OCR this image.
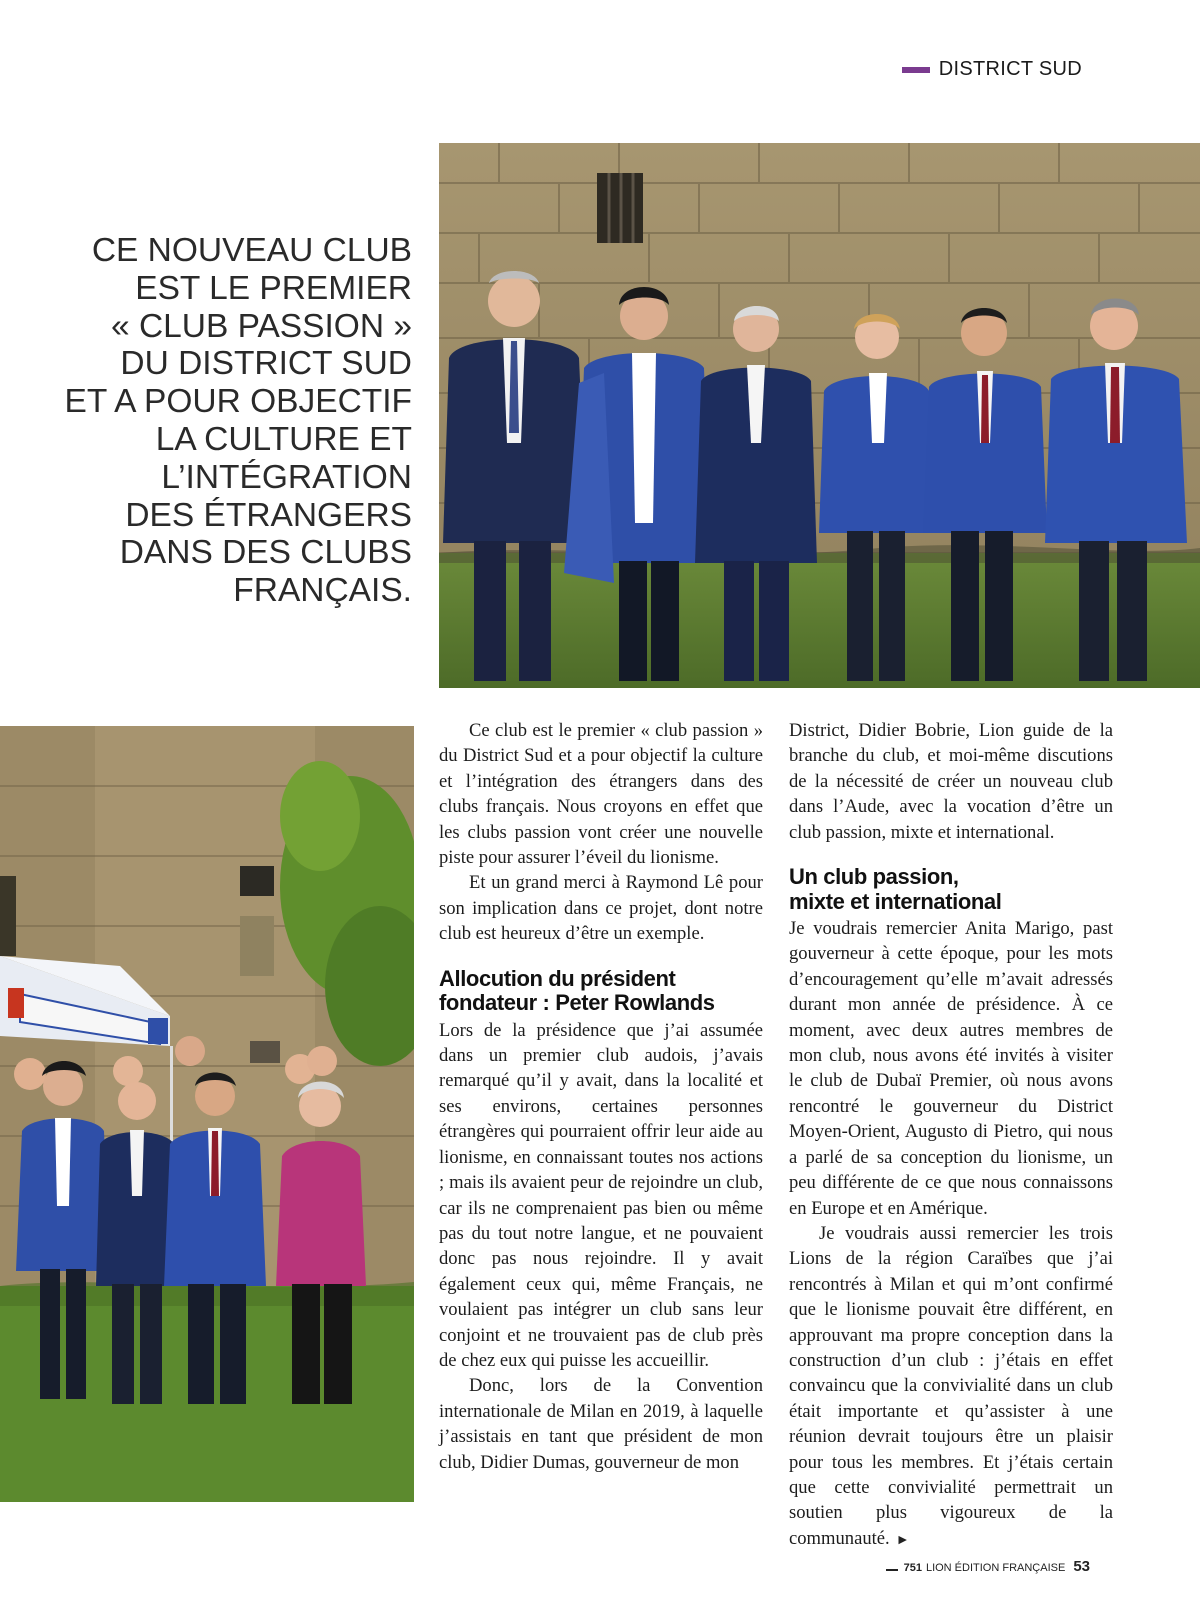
DISTRICT SUD
CE NOUVEAU CLUB
EST LE PREMIER
« CLUB PASSION »
DU DISTRICT SUD
ET A POUR OBJECTIF
LA CULTURE ET
L’INTÉGRATION
DES ÉTRANGERS
DANS DES CLUBS
FRANÇAIS.

Ce club est le premier « club passion » du District Sud et a pour objectif la culture et l’intégration des étrangers dans des clubs français. Nous croyons en effet que les clubs passion vont créer une nouvelle piste pour assurer l’éveil du lionisme.

Et un grand merci à Raymond Lê pour son implication dans ce projet, dont notre club est heureux d’être un exemple.

Allocution du président
fondateur : Peter Rowlands

Lors de la présidence que j’ai assumée dans un premier club audois, j’avais remarqué qu’il y avait, dans la localité et ses environs, certaines personnes étrangères qui pourraient offrir leur aide au lionisme, en connaissant toutes nos actions ; mais ils avaient peur de rejoindre un club, car ils ne comprenaient pas bien ou même pas du tout notre langue, et ne pouvaient donc pas nous rejoindre. Il y avait également ceux qui, même Français, ne voulaient pas intégrer un club sans leur conjoint et ne trouvaient pas de club près de chez eux qui puisse les accueillir.

Donc, lors de la Convention internationale de Milan en 2019, à laquelle j’assistais en tant que président de mon club, Didier Dumas, gouverneur de mon

District, Didier Bobrie, Lion guide de la branche du club, et moi-même discutions de la nécessité de créer un nouveau club dans l’Aude, avec la vocation d’être un club passion, mixte et international.

Un club passion,
mixte et international

Je voudrais remercier Anita Marigo, past gouverneur à cette époque, pour les mots d’encouragement qu’elle m’avait adressés durant mon année de présidence. À ce moment, avec deux autres membres de mon club, nous avons été invités à visiter le club de Dubaï Premier, où nous avons rencontré le gouverneur du District Moyen-Orient, Augusto di Pietro, qui nous a parlé de sa conception du lionisme, un peu différente de ce que nous connaissons en Europe et en Amérique.

Je voudrais aussi remercier les trois Lions de la région Caraïbes que j’ai rencontrés à Milan et qui m’ont confirmé que le lionisme pouvait être différent, en approuvant ma propre conception dans la construction d’un club : j’étais en effet convaincu que la convivialité dans un club était importante et qu’assister à une réunion devrait toujours être un plaisir pour tous les membres. Et j’étais certain que cette convivialité permettrait un soutien plus vigoureux de la communauté. ►

751 LION ÉDITION FRANÇAISE 53
